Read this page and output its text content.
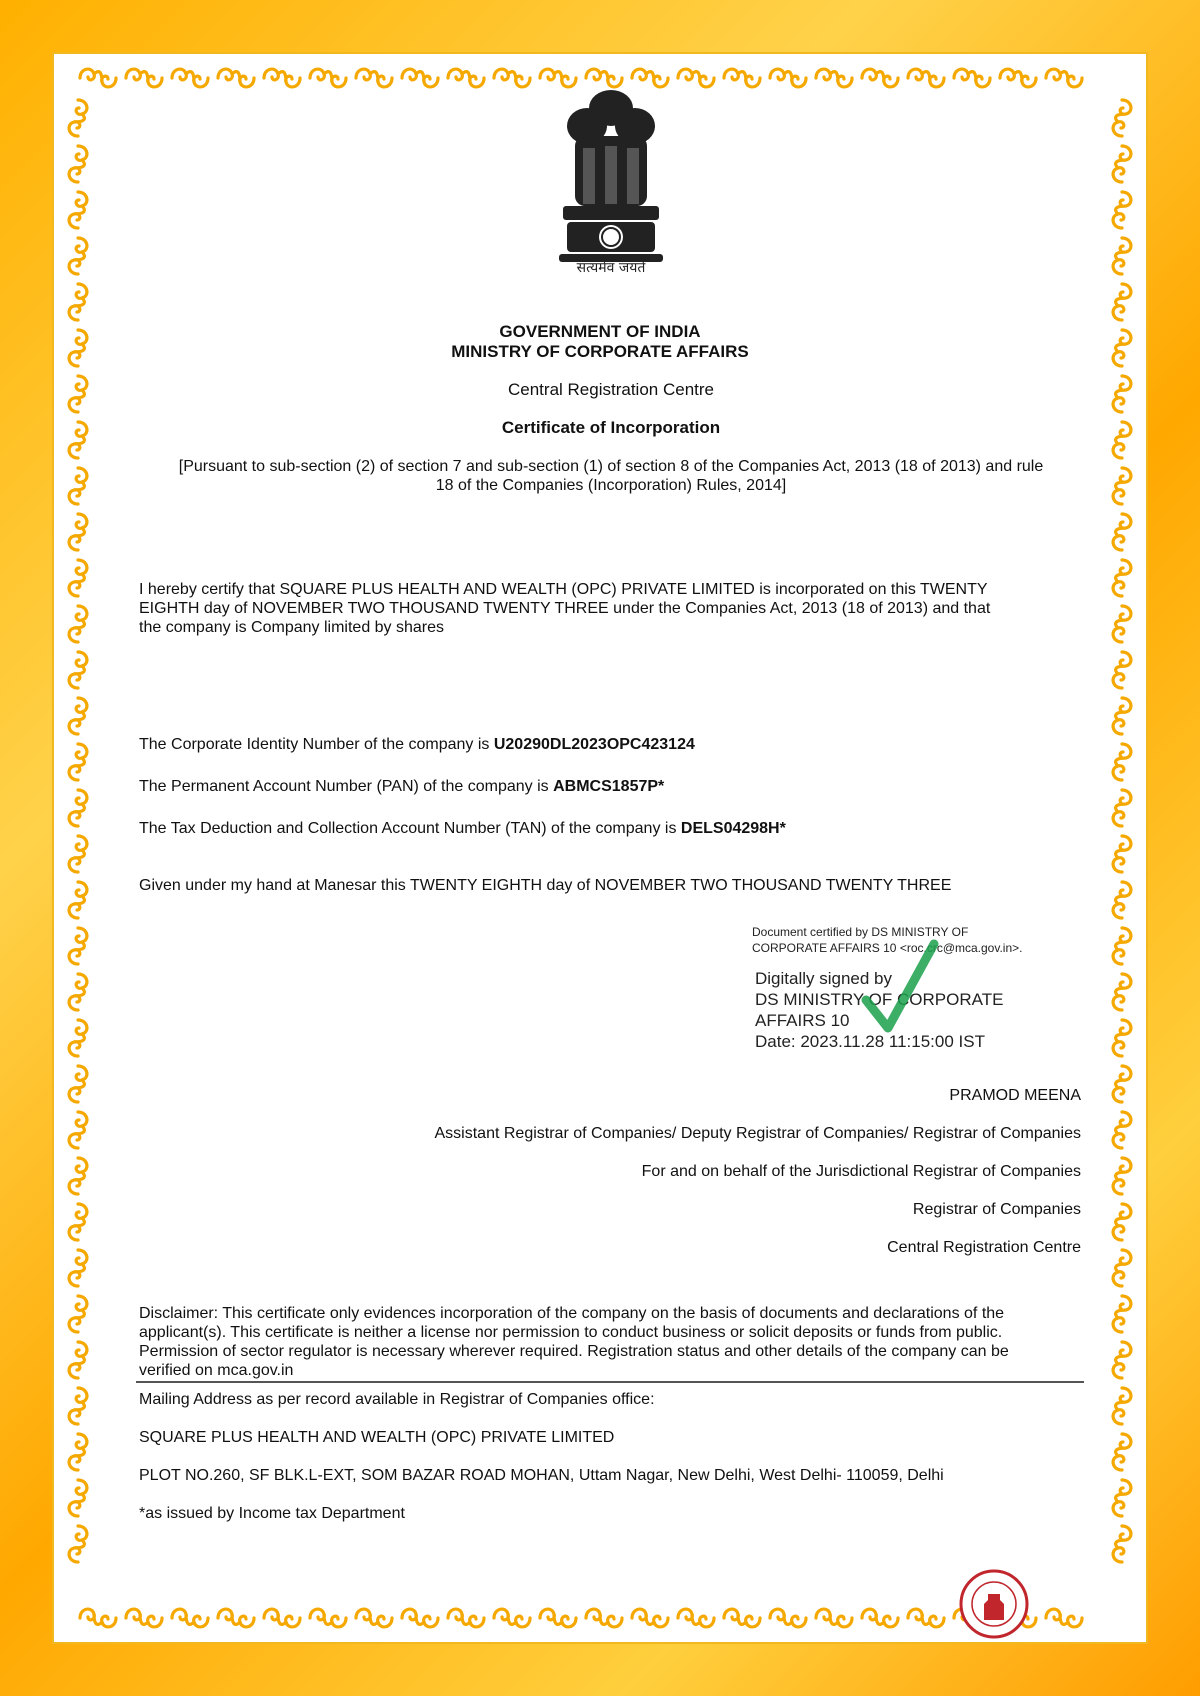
सत्यमेव जयते
GOVERNMENT OF INDIA
MINISTRY OF CORPORATE AFFAIRS
Central Registration Centre
Certificate of Incorporation
[Pursuant to sub-section (2) of section 7 and sub-section (1) of section 8 of the Companies Act, 2013 (18 of 2013) and rule
18 of the Companies (Incorporation) Rules, 2014]
I hereby certify that SQUARE PLUS HEALTH AND WEALTH (OPC) PRIVATE LIMITED is incorporated on this TWENTY
EIGHTH day of NOVEMBER TWO THOUSAND TWENTY THREE under the Companies Act, 2013 (18 of 2013) and that
the company is Company limited by shares
The Corporate Identity Number of the company is U20290DL2023OPC423124
The Permanent Account Number (PAN) of the company is ABMCS1857P*
The Tax Deduction and Collection Account Number (TAN) of the company is DELS04298H*
Given under my hand at Manesar this TWENTY EIGHTH day of NOVEMBER TWO THOUSAND TWENTY THREE
Document certified by DS MINISTRY OF
CORPORATE AFFAIRS 10 <roc.crc@mca.gov.in>.
Digitally signed by
DS MINISTRY OF CORPORATE
AFFAIRS 10
Date: 2023.11.28 11:15:00 IST
PRAMOD MEENA
Assistant Registrar of Companies/ Deputy Registrar of Companies/ Registrar of Companies
For and on behalf of the Jurisdictional Registrar of Companies
Registrar of Companies
Central Registration Centre
Disclaimer: This certificate only evidences incorporation of the company on the basis of documents and declarations of the
applicant(s). This certificate is neither a license nor permission to conduct business or solicit deposits or funds from public.
Permission of sector regulator is necessary wherever required. Registration status and other details of the company can be
verified on mca.gov.in
Mailing Address as per record available in Registrar of Companies office:
SQUARE PLUS HEALTH AND WEALTH (OPC) PRIVATE LIMITED
PLOT NO.260, SF BLK.L-EXT, SOM BAZAR ROAD MOHAN, Uttam Nagar, New Delhi, West Delhi- 110059, Delhi
*as issued by Income tax Department
